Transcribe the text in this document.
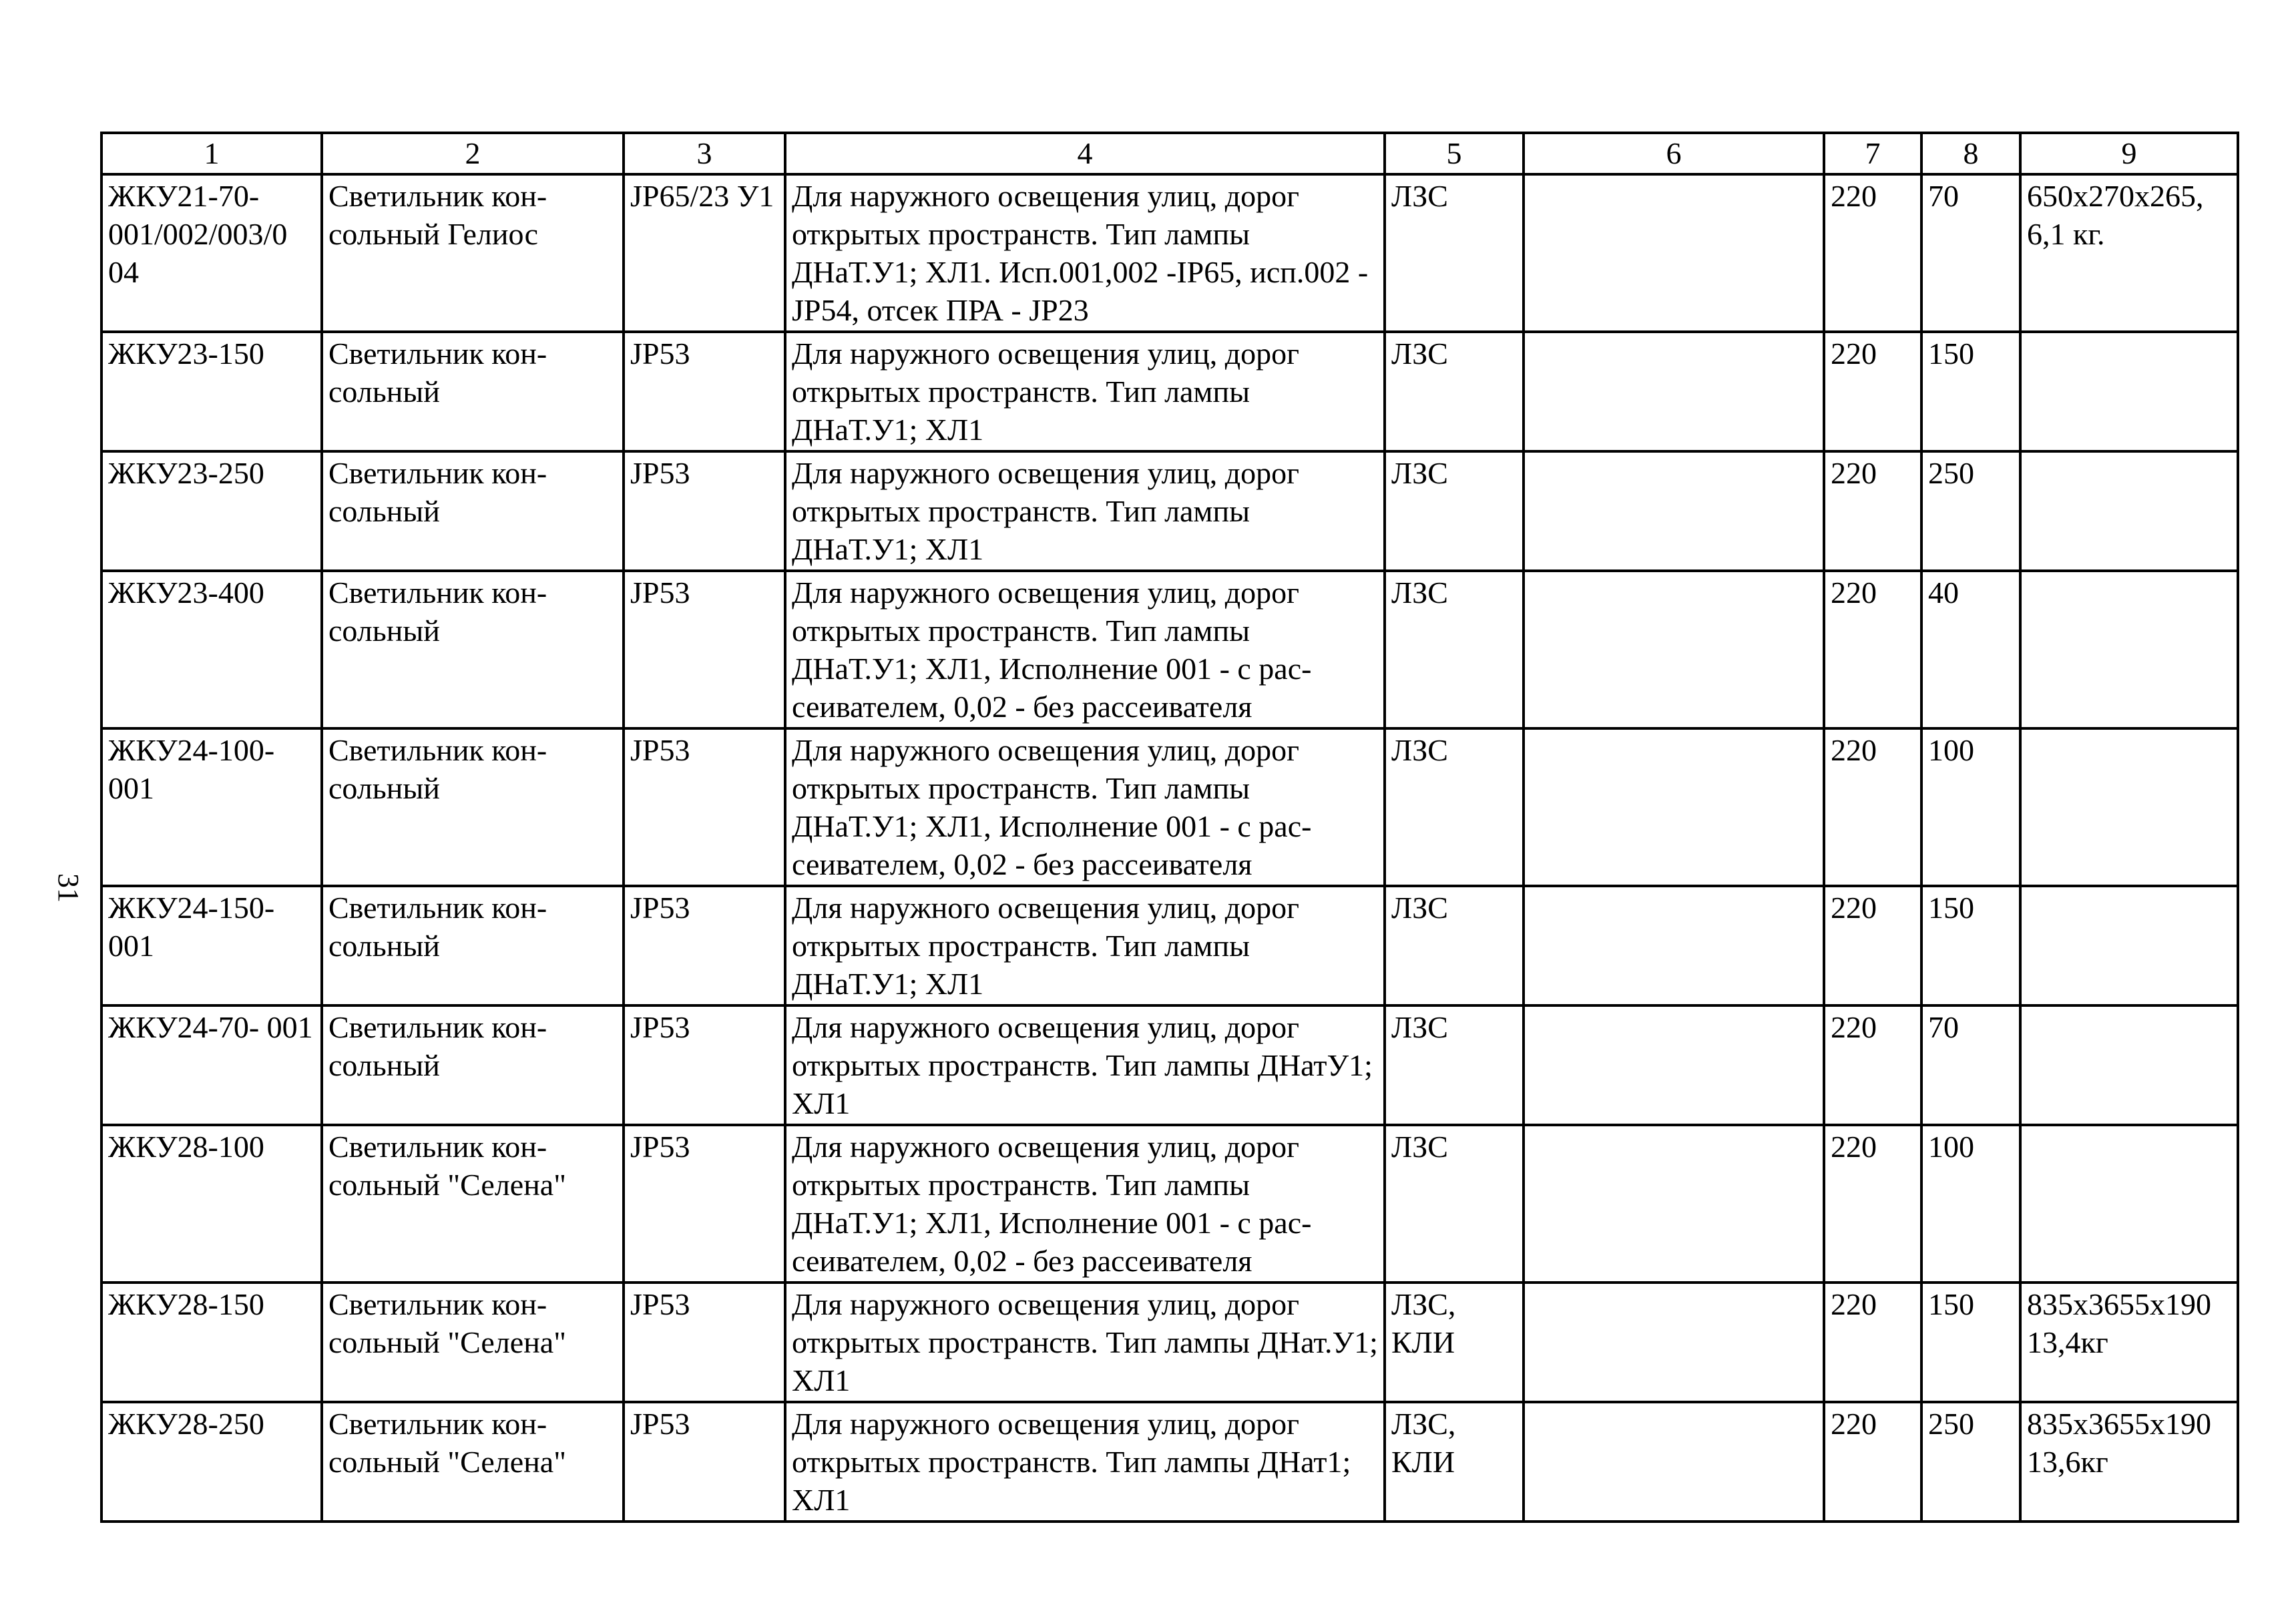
31
1	2	3	4	5	6	7	8	9
ЖКУ21-70-001/002/003/0 04	Светильник кон- сольный Гелиос	JP65/23 У1	Для наружного освещения улиц, дорог открытых пространств. Тип лампы ДНаТ.У1; ХЛ1. Исп.001,002 -IP65, исп.002 - JP54, отсек ПРА - JP23	ЛЗС		220	70	650x270x265, 6,1 кг.
ЖКУ23-150	Светильник кон- сольный	JP53	Для наружного освещения улиц, дорог открытых пространств. Тип лампы ДНаТ.У1; ХЛ1	ЛЗС		220	150	
ЖКУ23-250	Светильник кон- сольный	JP53	Для наружного освещения улиц, дорог открытых пространств. Тип лампы ДНаТ.У1; ХЛ1	ЛЗС		220	250	
ЖКУ23-400	Светильник кон- сольный	JP53	Для наружного освещения улиц, дорог открытых пространств. Тип лампы ДНаТ.У1; ХЛ1, Исполнение 001 - с рас- сеивателем, 0,02 - без рассеивателя	ЛЗС		220	40	
ЖКУ24-100- 001	Светильник кон- сольный	JP53	Для наружного освещения улиц, дорог открытых пространств. Тип лампы ДНаТ.У1; ХЛ1, Исполнение 001 - с рас- сеивателем, 0,02 - без рассеивателя	ЛЗС		220	100	
ЖКУ24-150- 001	Светильник кон- сольный	JP53	Для наружного освещения улиц, дорог открытых пространств. Тип лампы ДНаТ.У1; ХЛ1	ЛЗС		220	150	
ЖКУ24-70- 001	Светильник кон- сольный	JP53	Для наружного освещения улиц, дорог открытых пространств. Тип лампы ДНатУ1; ХЛ1	ЛЗС		220	70	
ЖКУ28-100	Светильник кон- сольный "Селена"	JP53	Для наружного освещения улиц, дорог открытых пространств. Тип лампы ДНаТ.У1; ХЛ1, Исполнение 001 - с рас- сеивателем, 0,02 - без рассеивателя	ЛЗС		220	100	
ЖКУ28-150	Светильник кон- сольный "Селена"	JP53	Для наружного освещения улиц, дорог открытых пространств. Тип лампы ДНат.У1; ХЛ1	ЛЗС, КЛИ		220	150	835x3655x190 13,4кг
ЖКУ28-250	Светильник кон- сольный "Селена"	JP53	Для наружного освещения улиц, дорог открытых пространств. Тип лампы ДНат1; ХЛ1	ЛЗС, КЛИ		220	250	835x3655x190 13,6кг
